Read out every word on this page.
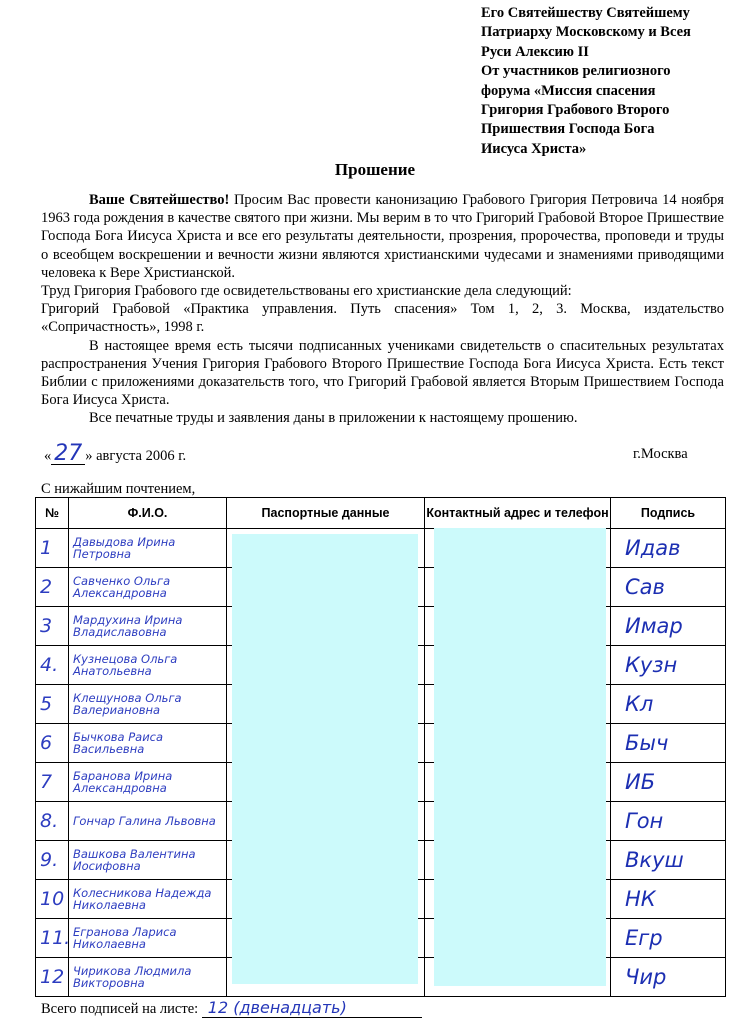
Его Святейшеству Святейшему
Патриарху Московскому и Всея
Руси Алексию II
От участников религиозного
форума «Миссия спасения
Григория Грабового Второго
Пришествия Господа Бога
Иисуса Христа»
Прошение

Ваше Святейшество! Просим Вас провести канонизацию Грабового Григория Петровича 14 ноября 1963 года рождения в качестве святого при жизни. Мы верим в то что Григорий Грабовой Второе Пришествие Господа Бога Иисуса Христа и все его результаты деятельности, прозрения, пророчества, проповеди и труды о всеобщем воскрешении и вечности жизни являются христианскими чудесами и знамениями приводящими человека к Вере Христианской.

Труд Григория Грабового где освидетельствованы его христианские дела следующий:

Григорий Грабовой «Практика управления. Путь спасения» Том 1, 2, 3. Москва, издательство «Сопричастность», 1998 г.

В настоящее время есть тысячи подписанных учениками свидетельств о спасительных результатах распространения Учения Григория Грабового Второго Пришествие Господа Бога Иисуса Христа. Есть текст Библии с приложениями доказательств того, что Григорий Грабовой является Вторым Пришествием Господа Бога Иисуса Христа.

Все печатные труды и заявления даны в приложении к настоящему прошению.

« 27 » августа 2006 г.	г.Москва
С нижайшим почтением,
№	Ф.И.О.	Паспортные данные	Контактный адрес и телефон	Подпись
1	Давыдова Ирина Петровна			Идав
2	Савченко Ольга Александровна			Сав
3	Мардухина Ирина Владиславовна			Имар
4.	Кузнецова Ольга Анатольевна			Кузн
5	Клещунова Ольга Валериановна			Кл
6	Бычкова Раиса Васильевна			Быч
7	Баранова Ирина Александровна			ИБ
8.	Гончар Галина Львовна			Гон
9.	Вашкова Валентина Иосифовна			Вкуш
10	Колесникова Надежда Николаевна			НК
11.	Егранова Лариса Николаевна			Егр
12	Чирикова Людмила Викторовна			Чир
Всего подписей на листе: 12 (двенадцать)
